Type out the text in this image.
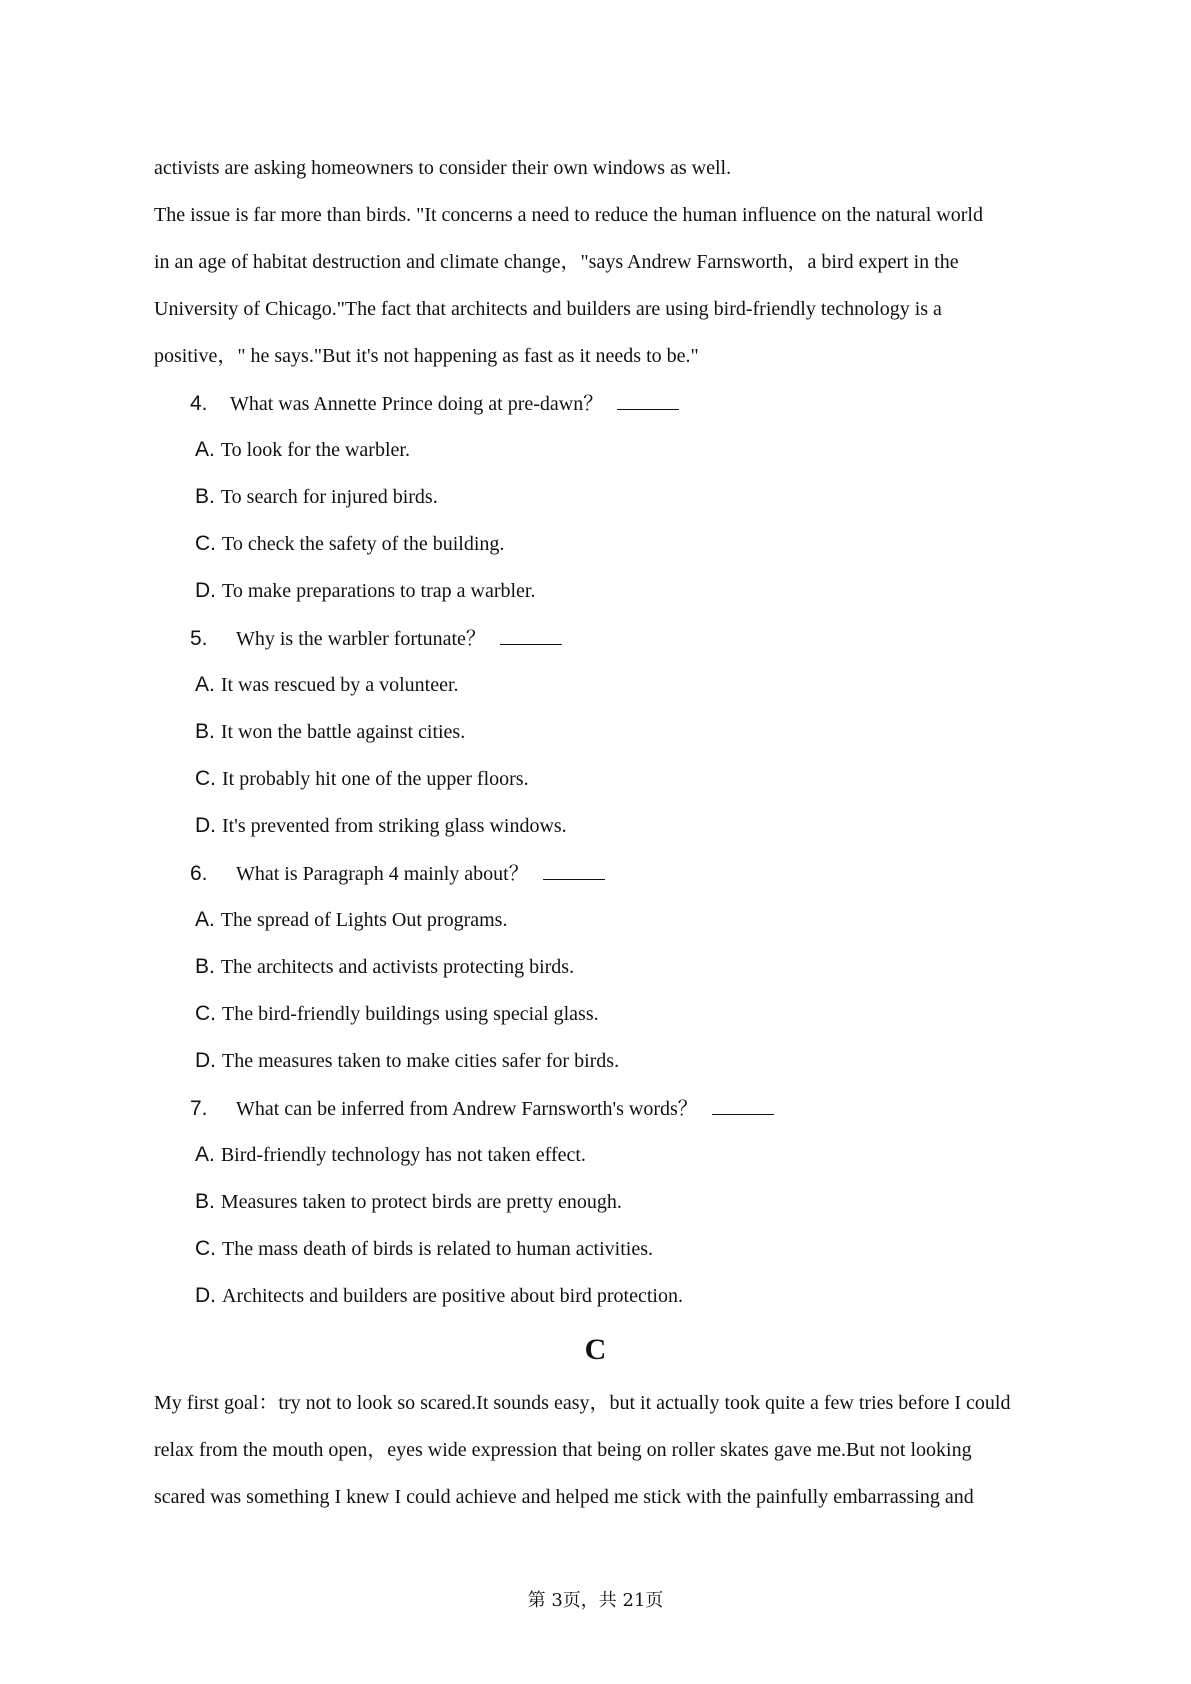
activists are asking homeowners to consider their own windows as well.
The issue is far more than birds. "It concerns a need to reduce the human influence on the natural world
in an age of habitat destruction and climate change，"says Andrew Farnsworth，a bird expert in the
University of Chicago."The fact that architects and builders are using bird-friendly technology is a
positive，" he says."But it's not happening as fast as it needs to be."
4. What was Annette Prince doing at pre-dawn？
A. To look for the warbler.
B. To search for injured birds.
C. To check the safety of the building.
D. To make preparations to trap a warbler.
5. Why is the warbler fortunate？
A. It was rescued by a volunteer.
B. It won the battle against cities.
C. It probably hit one of the upper floors.
D. It's prevented from striking glass windows.
6. What is Paragraph 4 mainly about？
A. The spread of Lights Out programs.
B. The architects and activists protecting birds.
C. The bird-friendly buildings using special glass.
D. The measures taken to make cities safer for birds.
7. What can be inferred from Andrew Farnsworth's words？
A. Bird-friendly technology has not taken effect.
B. Measures taken to protect birds are pretty enough.
C. The mass death of birds is related to human activities.
D. Architects and builders are positive about bird protection.
C
My first goal：try not to look so scared.It sounds easy，but it actually took quite a few tries before I could
relax from the mouth open，eyes wide expression that being on roller skates gave me.But not looking
scared was something I knew I could achieve and helped me stick with the painfully embarrassing and
第 3页，共 21页
